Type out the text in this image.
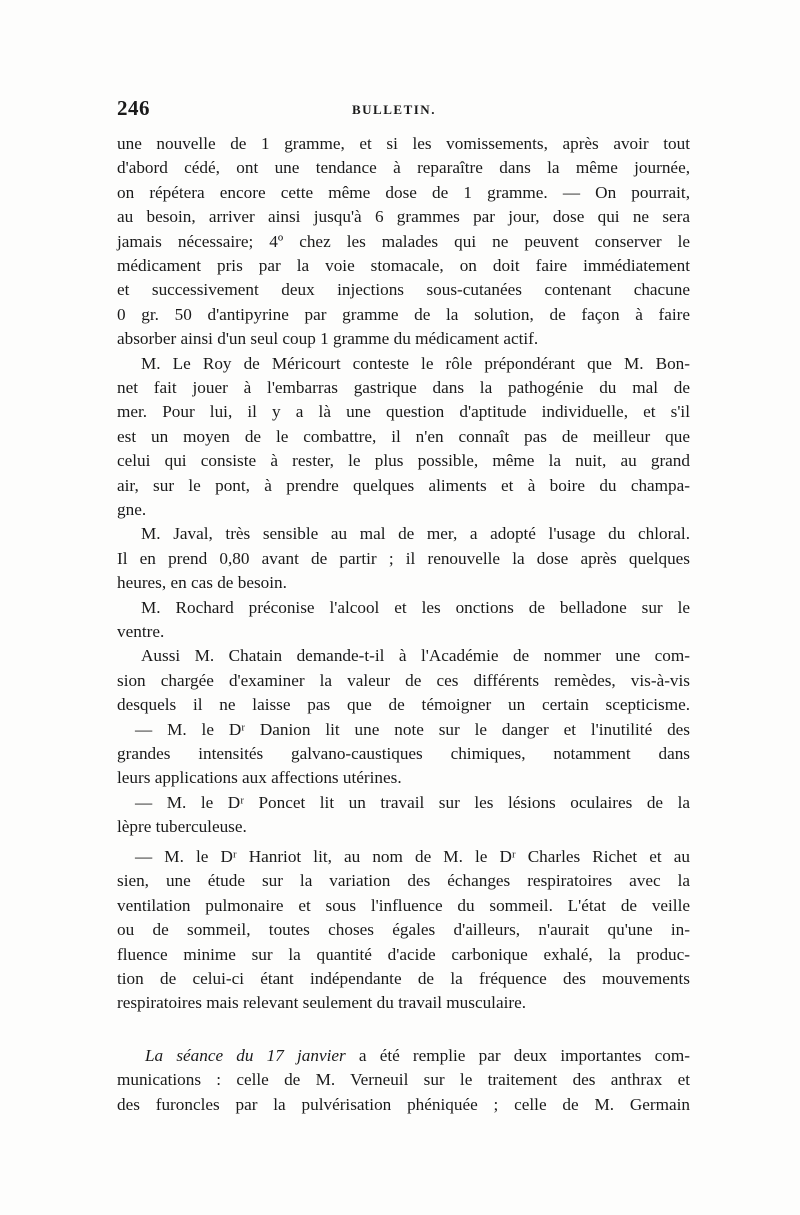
246	BULLETIN.
une nouvelle de 1 gramme, et si les vomissements, après avoir tout
d'abord cédé, ont une tendance à reparaître dans la même journée,
on répétera encore cette même dose de 1 gramme. — On pourrait,
au besoin, arriver ainsi jusqu'à 6 grammes par jour, dose qui ne sera
jamais nécessaire; 4º chez les malades qui ne peuvent conserver le
médicament pris par la voie stomacale, on doit faire immédiatement
et successivement deux injections sous-cutanées contenant chacune
0 gr. 50 d'antipyrine par gramme de la solution, de façon à faire
absorber ainsi d'un seul coup 1 gramme du médicament actif.
M. Le Roy de Méricourt conteste le rôle prépondérant que M. Bon-
net fait jouer à l'embarras gastrique dans la pathogénie du mal de
mer. Pour lui, il y a là une question d'aptitude individuelle, et s'il
est un moyen de le combattre, il n'en connaît pas de meilleur que
celui qui consiste à rester, le plus possible, même la nuit, au grand
air, sur le pont, à prendre quelques aliments et à boire du champa-
gne.
M. Javal, très sensible au mal de mer, a adopté l'usage du chloral.
Il en prend 0,80 avant de partir ; il renouvelle la dose après quelques
heures, en cas de besoin.
M. Rochard préconise l'alcool et les onctions de belladone sur le
ventre.
Aussi M. Chatain demande-t-il à l'Académie de nommer une com-
sion chargée d'examiner la valeur de ces différents remèdes, vis-à-vis
desquels il ne laisse pas que de témoigner un certain scepticisme.
— M. le Dʳ Danion lit une note sur le danger et l'inutilité des
grandes intensités galvano-caustiques chimiques, notamment dans
leurs applications aux affections utérines.
— M. le Dʳ Poncet lit un travail sur les lésions oculaires de la
lèpre tuberculeuse.
— M. le Dʳ Hanriot lit, au nom de M. le Dʳ Charles Richet et au
sien, une étude sur la variation des échanges respiratoires avec la
ventilation pulmonaire et sous l'influence du sommeil. L'état de veille
ou de sommeil, toutes choses égales d'ailleurs, n'aurait qu'une in-
fluence minime sur la quantité d'acide carbonique exhalé, la produc-
tion de celui-ci étant indépendante de la fréquence des mouvements
respiratoires mais relevant seulement du travail musculaire.
La séance du 17 janvier a été remplie par deux importantes com-
munications : celle de M. Verneuil sur le traitement des anthrax et
des furoncles par la pulvérisation phéniquée ; celle de M. Germain
